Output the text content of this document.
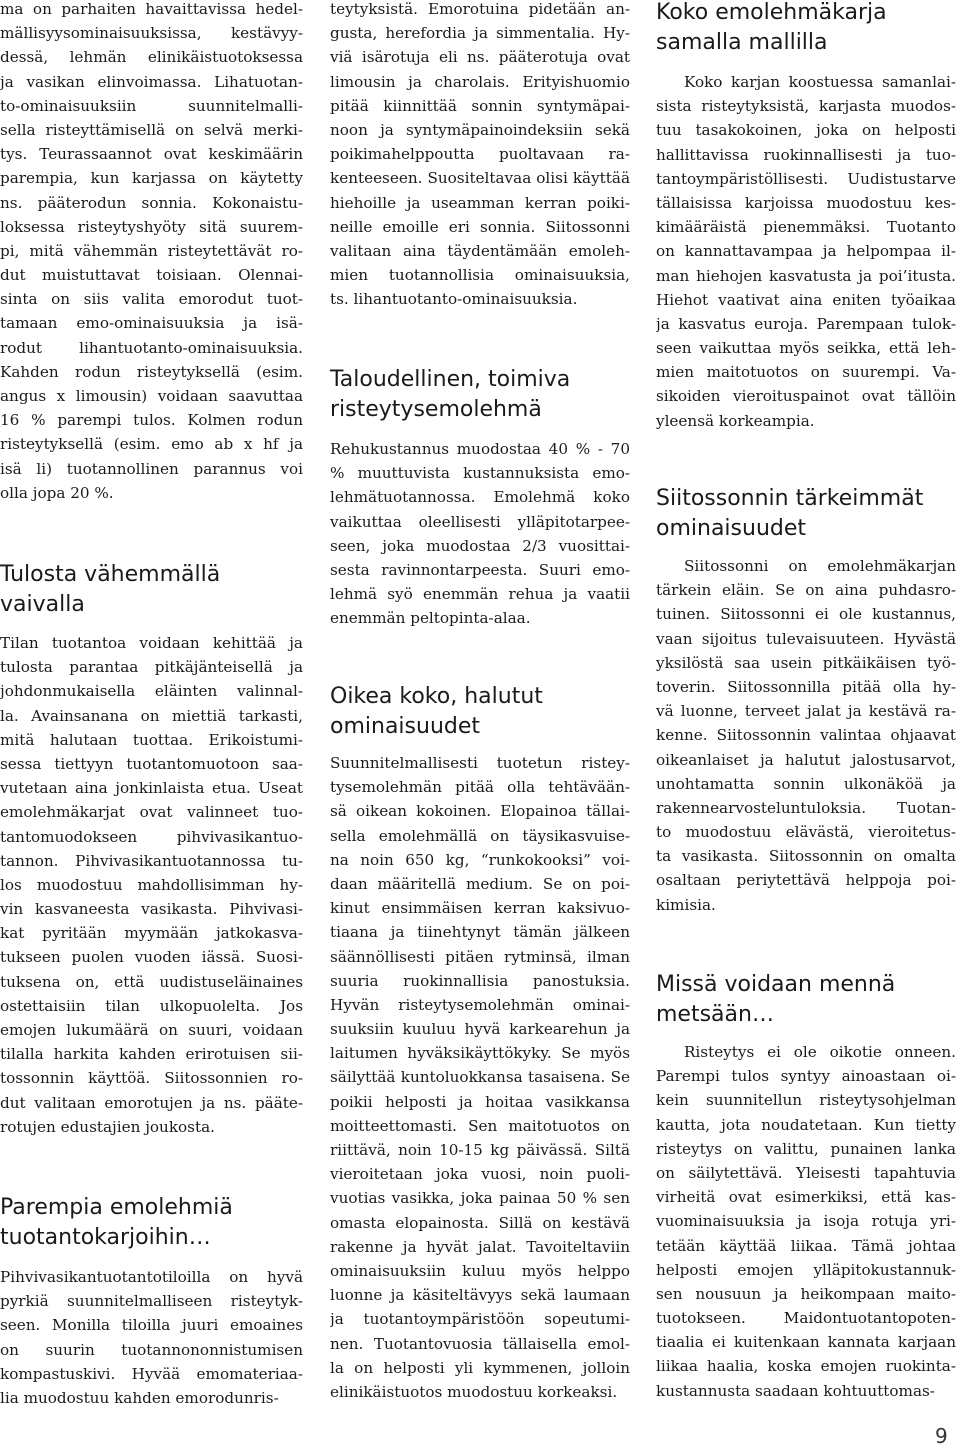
ma on parhaiten havaittavissa hedel-
mällisyysominaisuuksissa, kestävyy-
dessä, lehmän elinikäistuotoksessa
ja vasikan elinvoimassa. Lihatuotan-
to-ominaisuuksiin suunnitelmalli-
sella risteyttämisellä on selvä merki-
tys. Teurassaannot ovat keskimäärin
parempia, kun karjassa on käytetty
ns. pääterodun sonnia. Kokonaistu-
loksessa risteytyshyöty sitä suurem-
pi, mitä vähemmän risteytettävät ro-
dut muistuttavat toisiaan. Olennai-
sinta on siis valita emorodut tuot-
tamaan emo-ominaisuuksia ja isä-
rodut lihantuotanto-ominaisuuksia.
Kahden rodun risteytyksellä (esim.
angus x limousin) voidaan saavuttaa
16 % parempi tulos. Kolmen rodun
risteytyksellä (esim. emo ab x hf ja
isä li) tuotannollinen parannus voi
olla jopa 20 %.
Tulosta vähemmällä
vaivalla
Tilan tuotantoa voidaan kehittää ja
tulosta parantaa pitkäjänteisellä ja
johdonmukaisella eläinten valinnal-
la. Avainsanana on miettiä tarkasti,
mitä halutaan tuottaa. Erikoistumi-
sessa tiettyyn tuotantomuotoon saa-
vutetaan aina jonkinlaista etua. Useat
emolehmäkarjat ovat valinneet tuo-
tantomuodokseen pihvivasikantuo-
tannon. Pihvivasikantuotannossa tu-
los muodostuu mahdollisimman hy-
vin kasvaneesta vasikasta. Pihvivasi-
kat pyritään myymään jatkokasva-
tukseen puolen vuoden iässä. Suosi-
tuksena on, että uudistuseläinaines
ostettaisiin tilan ulkopuolelta. Jos
emojen lukumäärä on suuri, voidaan
tilalla harkita kahden erirotuisen sii-
tossonnin käyttöä. Siitossonnien ro-
dut valitaan emorotujen ja ns. pääte-
rotujen edustajien joukosta.
Parempia emolehmiä
tuotantokarjoihin…
Pihvivasikantuotantotiloilla on hyvä
pyrkiä suunnitelmalliseen risteytyk-
seen. Monilla tiloilla juuri emoaines
on suurin tuotannononnistumisen
kompastuskivi. Hyvää emomateriaa-
lia muodostuu kahden emorodunris-
teytyksistä. Emorotuina pidetään an-
gusta, herefordia ja simmentalia. Hy-
viä isärotuja eli ns. pääterotuja ovat
limousin ja charolais. Erityishuomio
pitää kiinnittää sonnin syntymäpai-
noon ja syntymäpainoindeksiin sekä
poikimahelppoutta puoltavaan ra-
kenteeseen. Suositeltavaa olisi käyttää
hiehoille ja useamman kerran poiki-
neille emoille eri sonnia. Siitossonni
valitaan aina täydentämään emoleh-
mien tuotannollisia ominaisuuksia,
ts. lihantuotanto-ominaisuuksia.
Taloudellinen, toimiva
risteytysemolehmä
Rehukustannus muodostaa 40 % - 70
% muuttuvista kustannuksista emo-
lehmätuotannossa. Emolehmä koko
vaikuttaa oleellisesti ylläpitotarpee-
seen, joka muodostaa 2/3 vuosittai-
sesta ravinnontarpeesta. Suuri emo-
lehmä syö enemmän rehua ja vaatii
enemmän peltopinta-alaa.
Oikea koko, halutut
ominaisuudet
Suunnitelmallisesti tuotetun ristey-
tysemolehmän pitää olla tehtävään-
sä oikean kokoinen. Elopainoa tällai-
sella emolehmällä on täysikasvuise-
na noin 650 kg, “runkokooksi” voi-
daan määritellä medium. Se on poi-
kinut ensimmäisen kerran kaksivuo-
tiaana ja tiinehtynyt tämän jälkeen
säännöllisesti pitäen rytminsä, ilman
suuria ruokinnallisia panostuksia.
Hyvän risteytysemolehmän ominai-
suuksiin kuuluu hyvä karkearehun ja
laitumen hyväksikäyttökyky. Se myös
säilyttää kuntoluokkansa tasaisena. Se
poikii helposti ja hoitaa vasikkansa
moitteettomasti. Sen maitotuotos on
riittävä, noin 10-15 kg päivässä. Siltä
vieroitetaan joka vuosi, noin puoli-
vuotias vasikka, joka painaa 50 % sen
omasta elopainosta. Sillä on kestävä
rakenne ja hyvät jalat. Tavoiteltaviin
ominaisuuksiin kuluu myös helppo
luonne ja käsiteltävyys sekä laumaan
ja tuotantoympäristöön sopeutumi-
nen. Tuotantovuosia tällaisella emol-
la on helposti yli kymmenen, jolloin
elinikäistuotos muodostuu korkeaksi.
Koko emolehmäkarja
samalla mallilla
Koko karjan koostuessa samanlai-
sista risteytyksistä, karjasta muodos-
tuu tasakokoinen, joka on helposti
hallittavissa ruokinnallisesti ja tuo-
tantoympäristöllisesti. Uudistustarve
tällaisissa karjoissa muodostuu kes-
kimääräistä pienemmäksi. Tuotanto
on kannattavampaa ja helpompaa il-
man hiehojen kasvatusta ja poi’itusta.
Hiehot vaativat aina eniten työaikaa
ja kasvatus euroja. Parempaan tulok-
seen vaikuttaa myös seikka, että leh-
mien maitotuotos on suurempi. Va-
sikoiden vieroituspainot ovat tällöin
yleensä korkeampia.
Siitossonnin tärkeimmät
ominaisuudet
Siitossonni on emolehmäkarjan
tärkein eläin. Se on aina puhdasro-
tuinen. Siitossonni ei ole kustannus,
vaan sijoitus tulevaisuuteen. Hyvästä
yksilöstä saa usein pitkäikäisen työ-
toverin. Siitossonnilla pitää olla hy-
vä luonne, terveet jalat ja kestävä ra-
kenne. Siitossonnin valintaa ohjaavat
oikeanlaiset ja halutut jalostusarvot,
unohtamatta sonnin ulkonäköä ja
rakennearvosteluntuloksia. Tuotan-
to muodostuu elävästä, vieroitetus-
ta vasikasta. Siitossonnin on omalta
osaltaan periytettävä helppoja poi-
kimisia.
Missä voidaan mennä
metsään…
Risteytys ei ole oikotie onneen.
Parempi tulos syntyy ainoastaan oi-
kein suunnitellun risteytysohjelman
kautta, jota noudatetaan. Kun tietty
risteytys on valittu, punainen lanka
on säilytettävä. Yleisesti tapahtuvia
virheitä ovat esimerkiksi, että kas-
vuominaisuuksia ja isoja rotuja yri-
tetään käyttää liikaa. Tämä johtaa
helposti emojen ylläpitokustannuk-
sen nousuun ja heikompaan maito-
tuotokseen. Maidontuotantopoten-
tiaalia ei kuitenkaan kannata karjaan
liikaa haalia, koska emojen ruokinta-
kustannusta saadaan kohtuuttomas-
9
